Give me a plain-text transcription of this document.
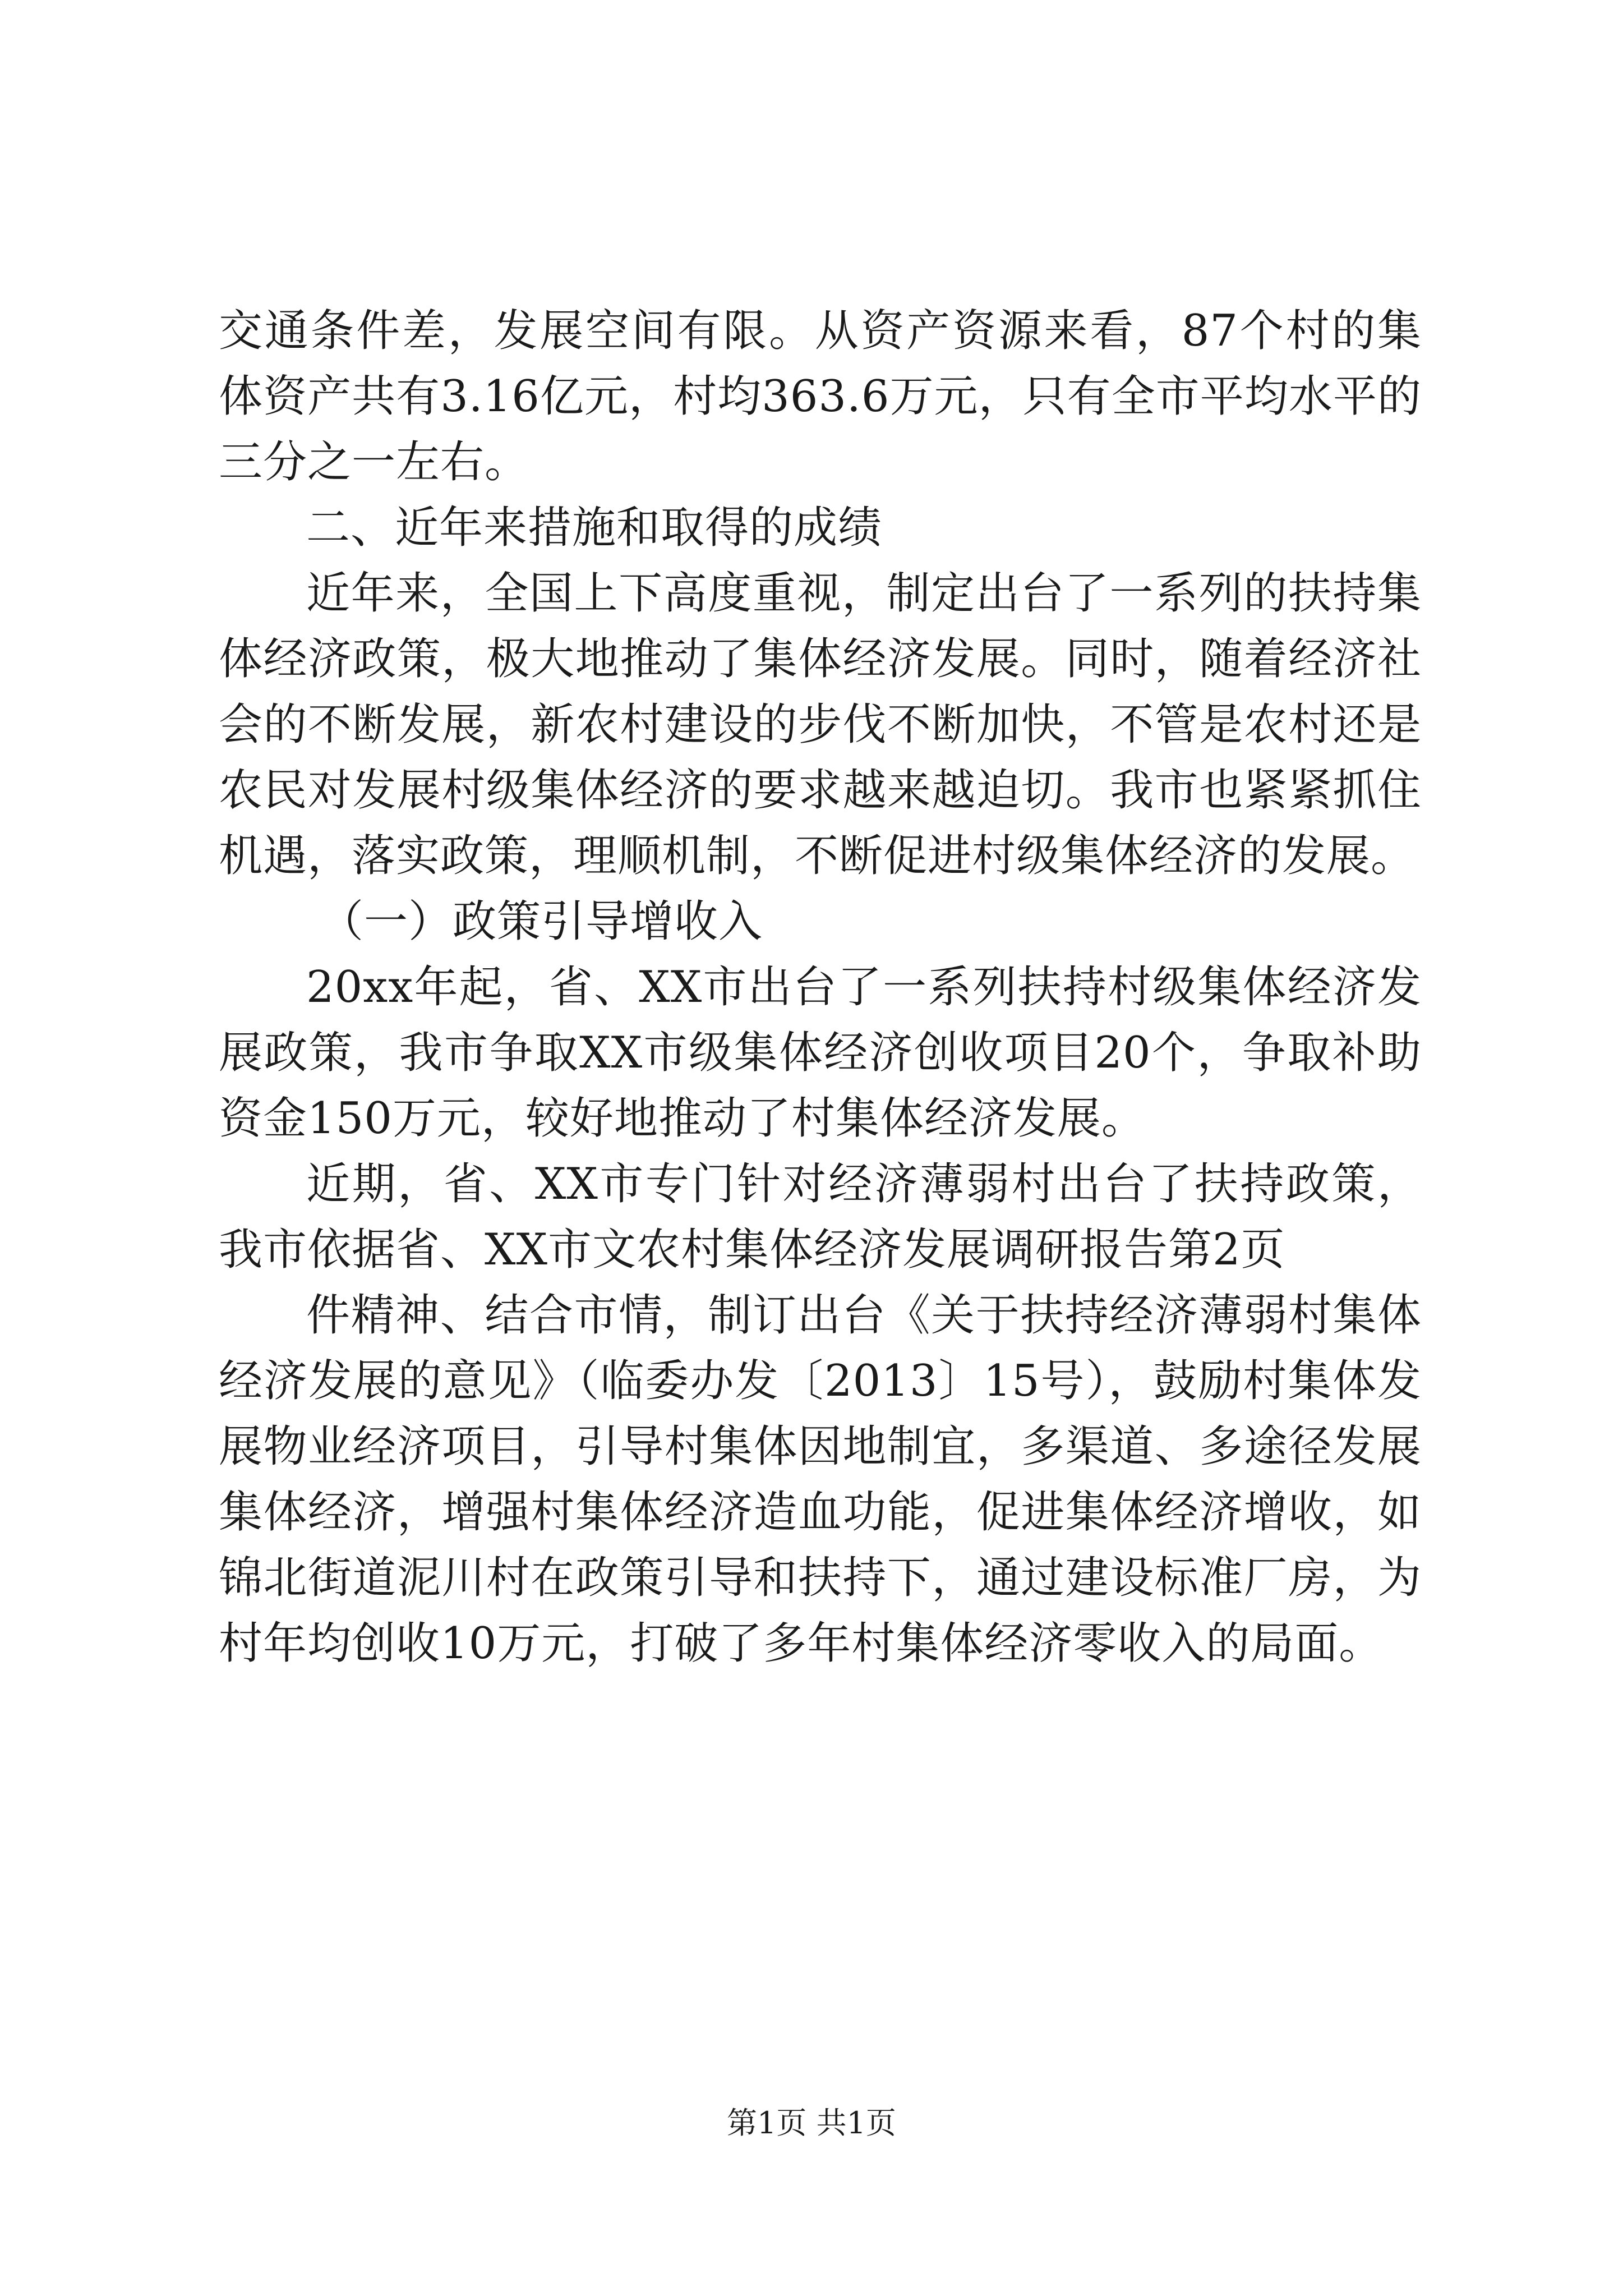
交通条件差，发展空间有限。从资产资源来看，87个村的集体资产共有3.16亿元，村均363.6万元，只有全市平均水平的三分之一左右。

二、近年来措施和取得的成绩

近年来，全国上下高度重视，制定出台了一系列的扶持集体经济政策，极大地推动了集体经济发展。同时，随着经济社会的不断发展，新农村建设的步伐不断加快，不管是农村还是农民对发展村级集体经济的要求越来越迫切。我市也紧紧抓住机遇，落实政策，理顺机制，不断促进村级集体经济的发展。

（一）政策引导增收入

20xx年起，省、XX市出台了一系列扶持村级集体经济发展政策，我市争取XX市级集体经济创收项目20个，争取补助资金150万元，较好地推动了村集体经济发展。

近期，省、XX市专门针对经济薄弱村出台了扶持政策，我市依据省、XX市文农村集体经济发展调研报告第2页

件精神、结合市情，制订出台《关于扶持经济薄弱村集体经济发展的意见》（临委办发〔2013〕15号），鼓励村集体发展物业经济项目，引导村集体因地制宜，多渠道、多途径发展集体经济，增强村集体经济造血功能，促进集体经济增收，如锦北街道泥川村在政策引导和扶持下，通过建设标准厂房，为村年均创收10万元，打破了多年村集体经济零收入的局面。

第1页 共1页
